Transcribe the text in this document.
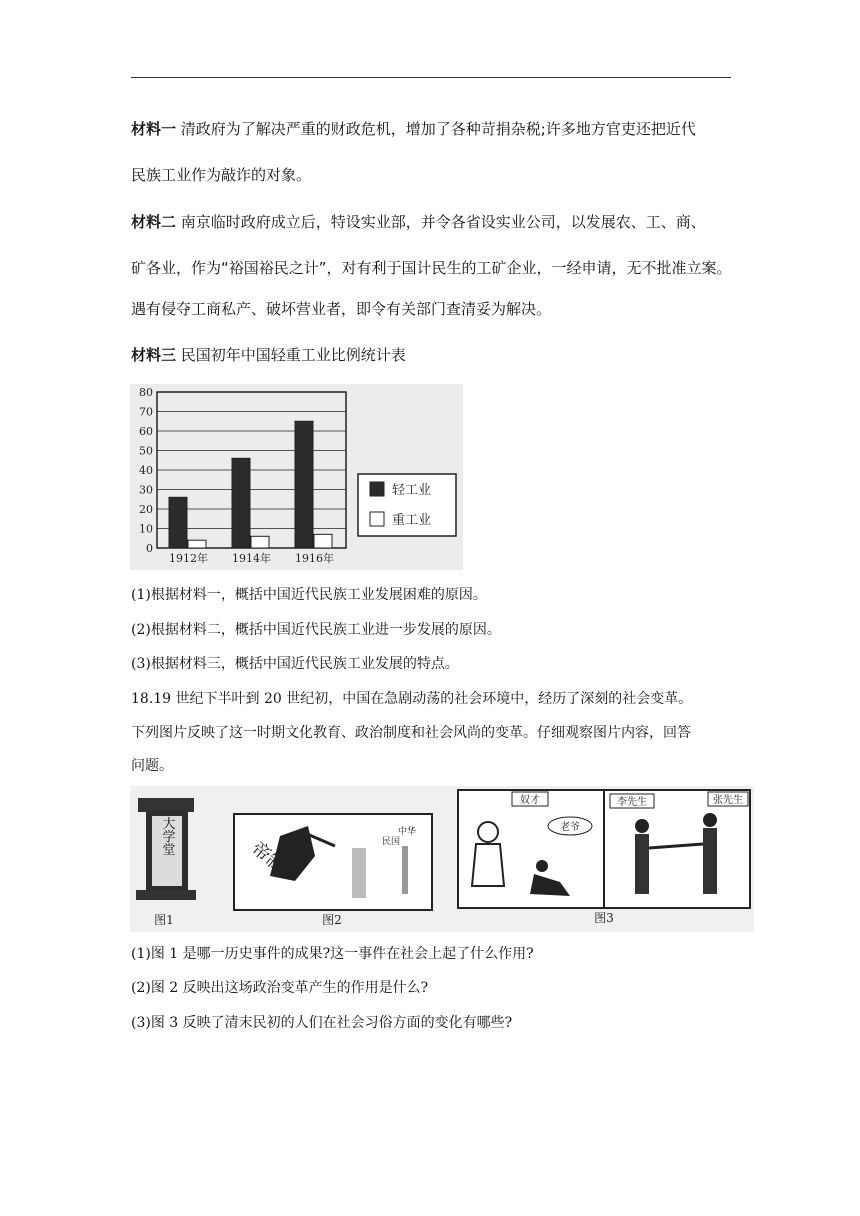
材料一 清政府为了解决严重的财政危机，增加了各种苛捐杂税;许多地方官吏还把近代
民族工业作为敲诈的对象。
材料二 南京临时政府成立后，特设实业部，并令各省设实业公司，以发展农、工、商、
矿各业，作为“裕国裕民之计”，对有利于国计民生的工矿企业，一经申请，无不批准立案。
遇有侵夺工商私产、破坏营业者，即令有关部门查清妥为解决。
材料三 民国初年中国轻重工业比例统计表
0
10
20
30
40
50
60
70
80
1912年 1914年 1916年
轻工业
重工业
(1)根据材料一，概括中国近代民族工业发展困难的原因。
(2)根据材料二，概括中国近代民族工业进一步发展的原因。
(3)根据材料三，概括中国近代民族工业发展的特点。
18.19 世纪下半叶到 20 世纪初，中国在急剧动荡的社会环境中，经历了深刻的社会变革。
下列图片反映了这一时期文化教育、政治制度和社会风尚的变革。仔细观察图片内容，回答
问题。
大学堂
图1
帝制
中华
民国
图2
奴才
老爷
李先生	张先生
图3
(1)图 1 是哪一历史事件的成果?这一事件在社会上起了什么作用?
(2)图 2 反映出这场政治变革产生的作用是什么?
(3)图 3 反映了清末民初的人们在社会习俗方面的变化有哪些?
